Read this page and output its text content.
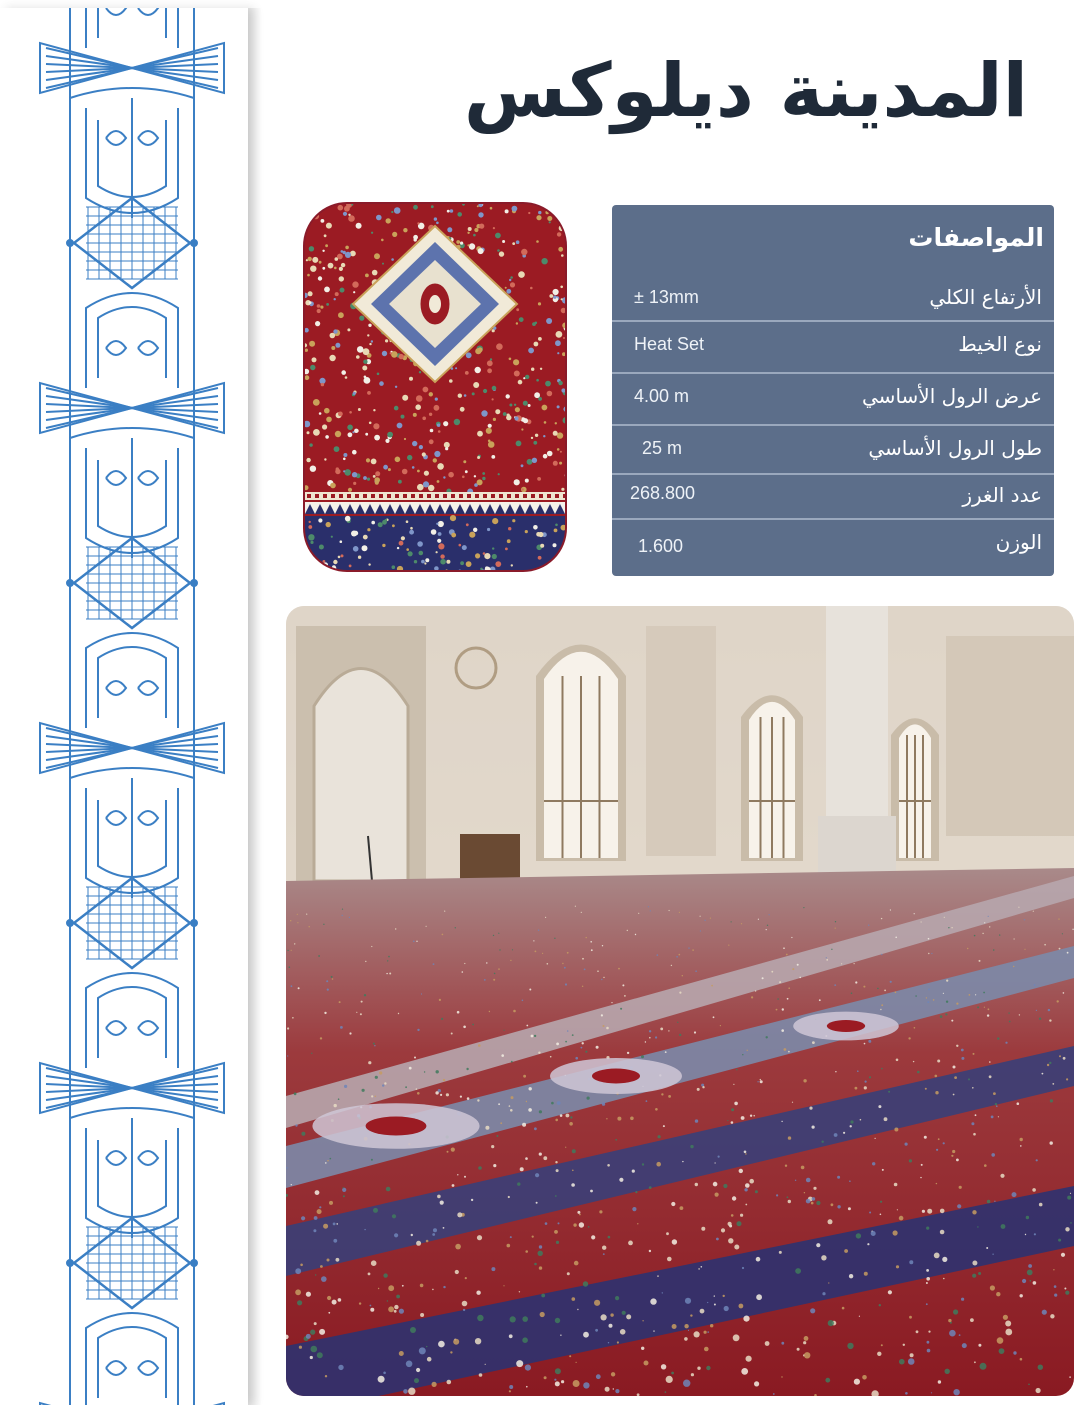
المدينة ديلوكس
المواصفات
الأرتفاع الكلي
± 13mm
نوع الخيط
Heat Set
عرض الرول الأساسي
4.00 m
طول الرول الأساسي
25 m
عدد الغرز
268.800
الوزن
1.600
